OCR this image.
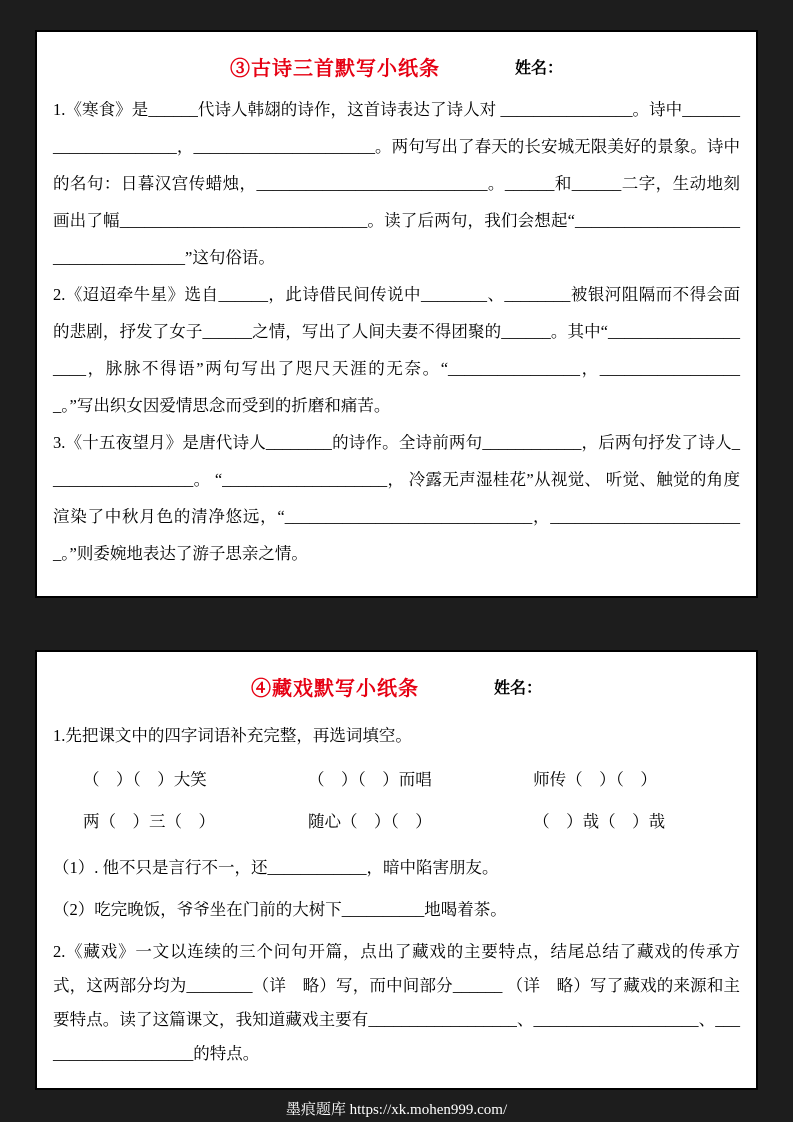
③古诗三首默写小纸条	姓名：

1.《寒食》是______代诗人韩翃的诗作，这首诗表达了诗人对 ________________。诗中______________________，______________________。两句写出了春天的长安城无限美好的景象。诗中的名句：日暮汉宫传蜡烛，____________________________。______和______二字，生动地刻画出了幅______________________________。读了后两句，我们会想起“____________________________________”这句俗语。

2.《迢迢牵牛星》选自______，此诗借民间传说中________、________被银河阻隔而不得会面的悲剧，抒发了女子______之情，写出了人间夫妻不得团聚的______。其中“____________________，脉脉不得语”两句写出了咫尺天涯的无奈。“________________，__________________。”写出织女因爱情思念而受到的折磨和痛苦。

3.《十五夜望月》是唐代诗人________的诗作。全诗前两句____________，后两句抒发了诗人__________________。 “____________________， 冷露无声湿桂花”从视觉、 听觉、触觉的角度渲染了中秋月色的清净悠远，“______________________________，________________________。”则委婉地表达了游子思亲之情。

④藏戏默写小纸条	姓名：

1.先把课文中的四字词语补充完整，再选词填空。

（　）（　）大笑	（　）（　）而唱	师传（　）（　）
两（　）三（　）	随心（　）（　）	（　）哉（　）哉

（1）. 他不只是言行不一，还____________，暗中陷害朋友。

（2）吃完晚饭，爷爷坐在门前的大树下__________地喝着茶。

2.《藏戏》一文以连续的三个问句开篇，点出了藏戏的主要特点，结尾总结了藏戏的传承方式，这两部分均为________（详　略）写，而中间部分______ （详　略）写了藏戏的来源和主要特点。读了这篇课文，我知道藏戏主要有__________________、____________________、____________________的特点。

墨痕题库 https://xk.mohen999.com/
